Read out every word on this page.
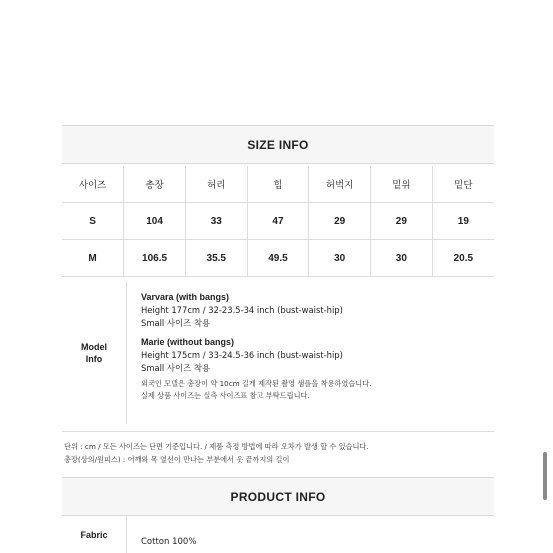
SIZE INFO
사이즈	총장	허리	힙	허벅지	밑위	밑단
S	104	33	47	29	29	19
M	106.5	35.5	49.5	30	30	20.5
Model
Info
Varvara (with bangs)
Height 177cm / 32-23.5-34 inch (bust-waist-hip)
Small 사이즈 착용
Marie (without bangs)
Height 175cm / 33-24.5-36 inch (bust-waist-hip)
Small 사이즈 착용
외국인 모델은 총장이 약 10cm 길게 제작된 촬영 샘플을 착용하였습니다.
실제 상품 사이즈는 실측 사이즈표 참고 부탁드립니다.
단위 : cm / 모든 사이즈는 단면 기준입니다. / 제품 측정 방법에 따라 오차가 발생 할 수 있습니다.
총장(상의/원피스) : 어깨와 목 옆선이 만나는 부분에서 옷 끝까지의 길이
PRODUCT INFO
Fabric
Cotton 100%
